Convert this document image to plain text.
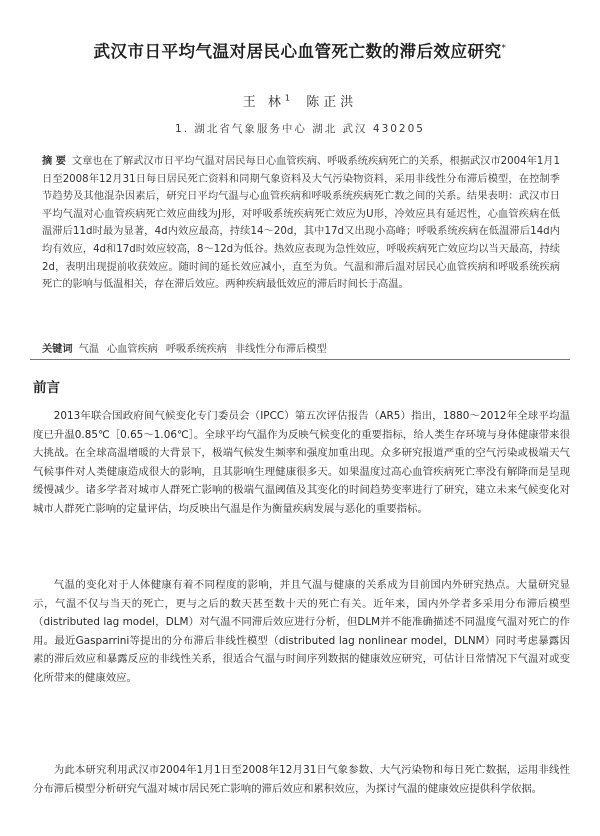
武汉市日平均气温对居民心血管死亡数的滞后效应研究*
王 林$^1$ 陈正洪
1. 湖北省气象服务中心 湖北 武汉 430205
摘 要 文章也在了解武汉市日平均气温对居民每日心血管疾病、呼吸系统疾病死亡的关系，根据武汉市2004年1月1日至2008年12月31日每日居民死亡资料和同期气象资料及大气污染物资料，采用非线性分布滞后模型，在控制季节趋势及其他混杂因素后，研究日平均气温与心血管疾病和呼吸系统疾病死亡数之间的关系。结果表明：武汉市日平均气温对心血管疾病死亡效应曲线为J形，对呼吸系统疾病死亡效应为U形，冷效应具有延迟性，心血管疾病在低温滞后11d时最为显著，4d内效应最高，持续14～20d，其中17d又出现小高峰；呼吸系统疾病在低温滞后14d内均有效应，4d和17d时效应较高，8～12d为低谷。热效应表现为急性效应，呼吸疾病死亡效应均以当天最高，持续2d，表明出现提前收获效应。随时间的延长效应减小，直至为负。气温和滞后温对居民心血管疾病和呼吸系统疾病死亡的影响与低温相关，存在滞后效应。两种疾病最低效应的滞后时间长于高温。
关键词 气温 心血管疾病 呼吸系统疾病 非线性分布滞后模型
前言
2013年联合国政府间气候变化专门委员会（IPCC）第五次评估报告（AR5）指出，1880～2012年全球平均温度已升温0.85℃［0.65～1.06℃］。全球平均气温作为反映气候变化的重要指标，给人类生存环境与身体健康带来很大挑战。在全球高温增暖的大背景下，极端气候发生频率和强度加重出现。众多研究报道严重的空气污染或极端天气气候事件对人类健康造成很大的影响，且其影响生理健康很多天。如果温度过高心血管疾病死亡率没有解降而是呈现缓慢减少。诸多学者对城市人群死亡影响的极端气温阈值及其变化的时间趋势变率进行了研究，建立未来气候变化对城市人群死亡影响的定量评估，均反映出气温是作为衡量疾病发展与恶化的重要指标。
气温的变化对于人体健康有着不同程度的影响，并且气温与健康的关系成为目前国内外研究热点。大量研究显示，气温不仅与当天的死亡，更与之后的数天甚至数十天的死亡有关。近年来，国内外学者多采用分布滞后模型（distributed lag model，DLM）对气温不同滞后效应进行分析，但DLM并不能准确描述不同温度气温对死亡的作用。最近Gasparrini等提出的分布滞后非线性模型（distributed lag nonlinear model，DLNM）同时考虑暴露因素的滞后效应和暴露反应的非线性关系，很适合气温与时间序列数据的健康效应研究，可估计日常情况下气温对或变化所带来的健康效应。
为此本研究利用武汉市2004年1月1日至2008年12月31日气象参数、大气污染物和每日死亡数据，运用非线性分布滞后模型分析研究气温对城市居民死亡影响的滞后效应和累积效应，为探讨气温的健康效应提供科学依据。
